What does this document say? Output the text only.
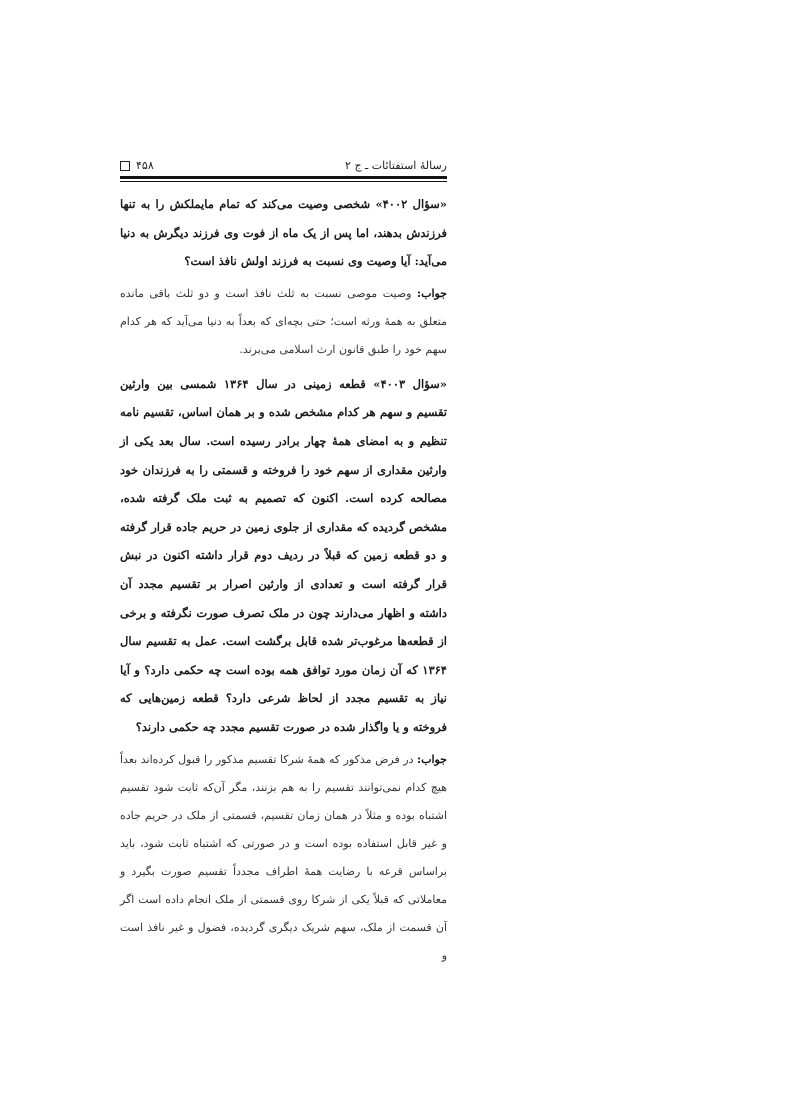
۴۵۸	رسالهٔ استفتائات ـ ج ۲

«سؤال ۴۰۰۲» شخصی وصیت می‌کند که تمام مایملکش را به تنها فرزندش بدهند، اما پس از یک ماه از فوت وی فرزند دیگرش به دنیا می‌آید: آیا وصیت وی نسبت به فرزند اولش نافذ است؟

جواب: وصیت موصی نسبت به ثلث نافذ است و دو ثلث باقی مانده متعلق به همهٔ ورثه است؛ حتی بچه‌ای که بعداً به دنیا می‌آید که هر کدام سهم خود را طبق قانون ارث اسلامی می‌برند.

«سؤال ۴۰۰۳» قطعه زمینی در سال ۱۳۶۴ شمسی بین وارثین تقسیم و سهم هر کدام مشخص شده و بر همان اساس، تقسیم نامه تنظیم و به امضای همهٔ چهار برادر رسیده است. سال بعد یکی از وارثین مقداری از سهم خود را فروخته و قسمتی را به فرزندان خود مصالحه کرده است. اکنون که تصمیم به ثبت ملک گرفته شده، مشخص گردیده که مقداری از جلوی زمین در حریم جاده قرار گرفته و دو قطعه زمین که قبلاً در ردیف دوم قرار داشته اکنون در نبش قرار گرفته است و تعدادی از وارثین اصرار بر تقسیم مجدد آن داشته و اظهار می‌دارند چون در ملک تصرف صورت نگرفته و برخی از قطعه‌ها مرغوب‌تر شده قابل برگشت است. عمل به تقسیم سال ۱۳۶۴ که آن زمان مورد توافق همه بوده است چه حکمی دارد؟ و آیا نیاز به تقسیم مجدد از لحاظ شرعی دارد؟ قطعه زمین‌هایی که فروخته و یا واگذار شده در صورت تقسیم مجدد چه حکمی دارند؟

جواب: در فرض مذکور که همهٔ شرکا تقسیم مذکور را قبول کرده‌اند بعداً هیچ کدام نمی‌توانند تقسیم را به هم بزنند، مگر آن‌که ثابت شود تقسیم اشتباه بوده و مثلاً در همان زمان تقسیم، قسمتی از ملک در حریم جاده و غیر قابل استفاده بوده است و در صورتی که اشتباه ثابت شود، باید براساس قرعه با رضایت همهٔ اطراف مجدداً تقسیم صورت بگیرد و معاملاتی که قبلاً یکی از شرکا روی قسمتی از ملک انجام داده است اگر آن قسمت از ملک، سهم شریک دیگری گردیده، فضول و غیر نافذ است و
